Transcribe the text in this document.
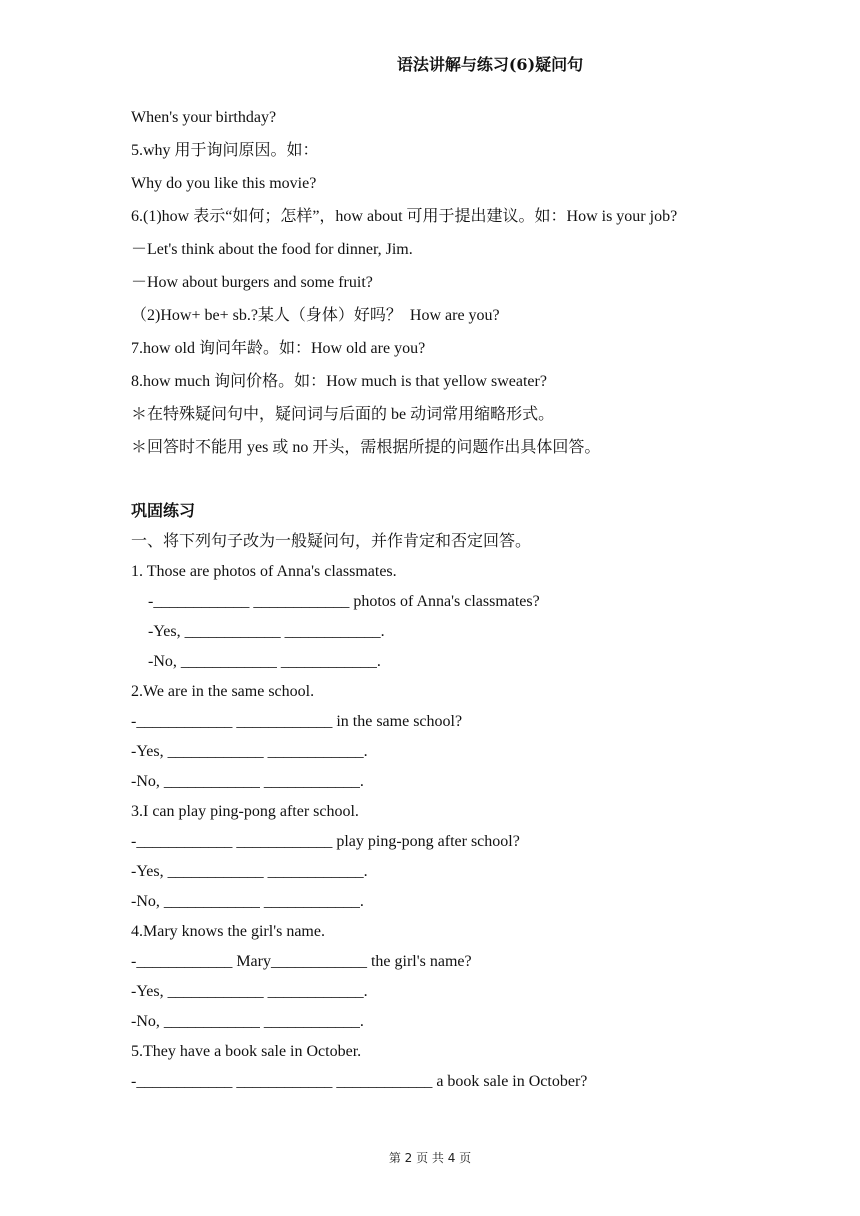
语法讲解与练习(6)疑问句
When's your birthday?
5.why 用于询问原因。如：
Why do you like this movie?
6.(1)how 表示“如何；怎样”，how about 可用于提出建议。如：How is your job?
－Let's think about the food for dinner, Jim.
－How about burgers and some fruit?
（2)How+ be+ sb.?某人（身体）好吗？  How are you?
7.how old 询问年龄。如：How old are you?
8.how much 询问价格。如：How much is that yellow sweater?
＊在特殊疑问句中，疑问词与后面的 be 动词常用缩略形式。
＊回答时不能用 yes 或 no 开头，需根据所提的问题作出具体回答。
巩固练习
一、将下列句子改为一般疑问句，并作肯定和否定回答。
1. Those are photos of Anna's classmates.
-____________ ____________ photos of Anna's classmates?
-Yes, ____________ ____________.
-No, ____________ ____________.
2.We are in the same school.
-____________ ____________ in the same school?
-Yes, ____________ ____________.
-No, ____________ ____________.
3.I can play ping-pong after school.
-____________ ____________ play ping-pong after school?
-Yes, ____________ ____________.
-No, ____________ ____________.
4.Mary knows the girl's name.
-____________ Mary____________ the girl's name?
-Yes, ____________ ____________.
-No, ____________ ____________.
5.They have a book sale in October.
-____________ ____________ ____________ a book sale in October?
第 2 页 共 4 页
